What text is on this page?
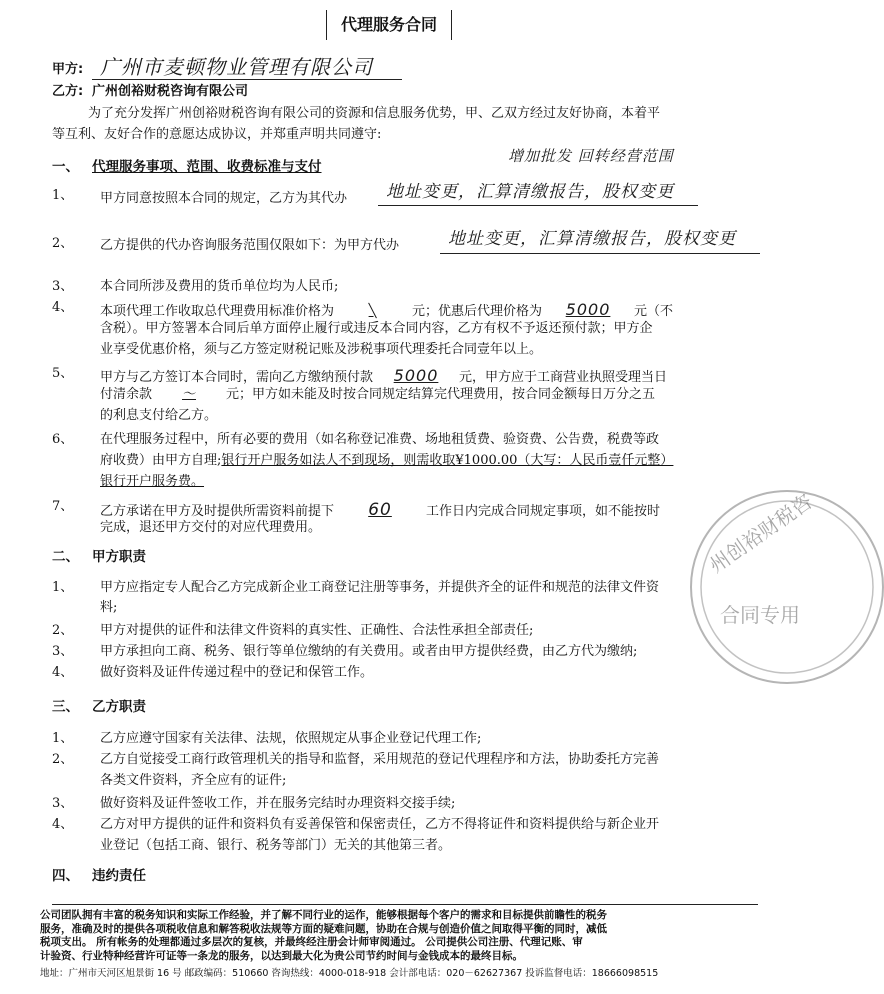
代理服务合同
甲方: 广州市麦顿物业管理有限公司
乙方: 广州创裕财税咨询有限公司
为了充分发挥广州创裕财税咨询有限公司的资源和信息服务优势，甲、乙双方经过友好协商，本着平
等互利、友好合作的意愿达成协议，并郑重声明共同遵守:
一、 代理服务事项、范围、收费标准与支付
增加批发 回转经营范围
1、 甲方同意按照本合同的规定，乙方为其代办 地址变更，汇算清缴报告，股权变更
2、 乙方提供的代办咨询服务范围仅限如下：为甲方代办	地址变更，汇算清缴报告，股权变更
3、 本合同所涉及费用的货币单位均为人民币;
4、 本项代理工作收取总代理费用标准价格为	╲	元；优惠后代理价格为 5000 元（不
含税）。甲方签署本合同后单方面停止履行或违反本合同内容，乙方有权不予返还预付款；甲方企
业享受优惠价格，须与乙方签定财税记账及涉税事项代理委托合同壹年以上。
5、 甲方与乙方签订本合同时，需向乙方缴纳预付款 5000 元，甲方应于工商营业执照受理当日
付清余款 ～ 元；甲方如未能及时按合同规定结算完代理费用，按合同金额每日万分之五
的利息支付给乙方。
6、 在代理服务过程中，所有必要的费用（如名称登记准费、场地租赁费、验资费、公告费，税费等政
府收费）由甲方自理;银行开户服务如法人不到现场，则需收取¥1000.00（大写：人民币壹仟元整）
银行开户服务费。
7、 乙方承诺在甲方及时提供所需资料前提下 60	工作日内完成合同规定事项，如不能按时
完成，退还甲方交付的对应代理费用。
二、 甲方职责
1、 甲方应指定专人配合乙方完成新企业工商登记注册等事务，并提供齐全的证件和规范的法律文件资
料;
2、 甲方对提供的证件和法律文件资料的真实性、正确性、合法性承担全部责任;
3、 甲方承担向工商、税务、银行等单位缴纳的有关费用。或者由甲方提供经费，由乙方代为缴纳;
4、 做好资料及证件传递过程中的登记和保管工作。
三、 乙方职责
1、 乙方应遵守国家有关法律、法规，依照规定从事企业登记代理工作;
2、 乙方自觉接受工商行政管理机关的指导和监督，采用规范的登记代理程序和方法，协助委托方完善
各类文件资料，齐全应有的证件;
3、 做好资料及证件签收工作，并在服务完结时办理资料交接手续;
4、 乙方对甲方提供的证件和资料负有妥善保管和保密责任，乙方不得将证件和资料提供给与新企业开
业登记（包括工商、银行、税务等部门）无关的其他第三者。
四、 违约责任
州创裕财税咨
合同专用
公司团队拥有丰富的税务知识和实际工作经验，并了解不同行业的运作，能够根据每个客户的需求和目标提供前瞻性的税务
服务，准确及时的提供各项税收信息和解答税收法规等方面的疑难问题，协助在合规与创造价值之间取得平衡的同时，减低
税项支出。 所有帐务的处理都通过多层次的复核，并最终经注册会计师审阅通过。 公司提供公司注册、代理记账、审
计验资、行业特种经营许可证等一条龙的服务，以达到最大化为贵公司节约时间与金钱成本的最终目标。
地址：广州市天河区旭景街 16 号 邮政编码：510660 咨询热线：4000-018-918 会计部电话：020－62627367 投诉监督电话：18666098515
